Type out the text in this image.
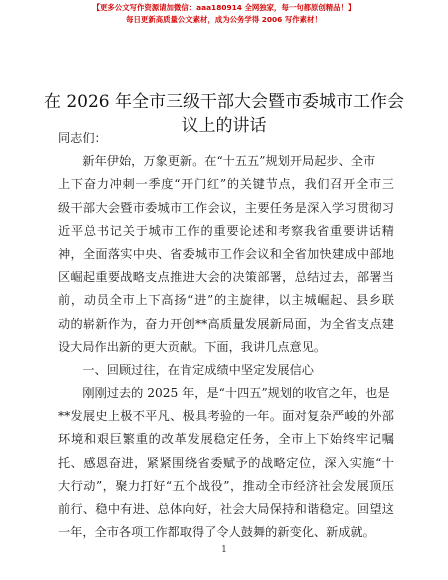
【更多公文写作资源请加微信：aaa180914 全网独家，每一句都原创精品！】
每日更新高质量公文素材，成为公务学得 2006 写作素材！
在 2026 年全市三级干部大会暨市委城市工作会
议上的讲话
同志们：
新年伊始，万象更新。在“十五五”规划开局起步、全市
上下奋力冲刺一季度“开门红”的关键节点，我们召开全市三
级干部大会暨市委城市工作会议，主要任务是深入学习贯彻习
近平总书记关于城市工作的重要论述和考察我省重要讲话精
神，全面落实中央、省委城市工作会议和全省加快建成中部地
区崛起重要战略支点推进大会的决策部署，总结过去，部署当
前，动员全市上下高扬“进”的主旋律，以主城崛起、县乡联
动的崭新作为，奋力开创**高质量发展新局面，为全省支点建
设大局作出新的更大贡献。下面，我讲几点意见。
一、回顾过往，在肯定成绩中坚定发展信心
刚刚过去的 2025 年，是“十四五”规划的收官之年，也是
**发展史上极不平凡、极具考验的一年。面对复杂严峻的外部
环境和艰巨繁重的改革发展稳定任务，全市上下始终牢记嘱
托、感恩奋进，紧紧围绕省委赋予的战略定位，深入实施“十
大行动”，聚力打好“五个战役”，推动全市经济社会发展顶压
前行、稳中有进、总体向好，社会大局保持和谐稳定。回望这
一年，全市各项工作都取得了令人鼓舞的新变化、新成就。
1
